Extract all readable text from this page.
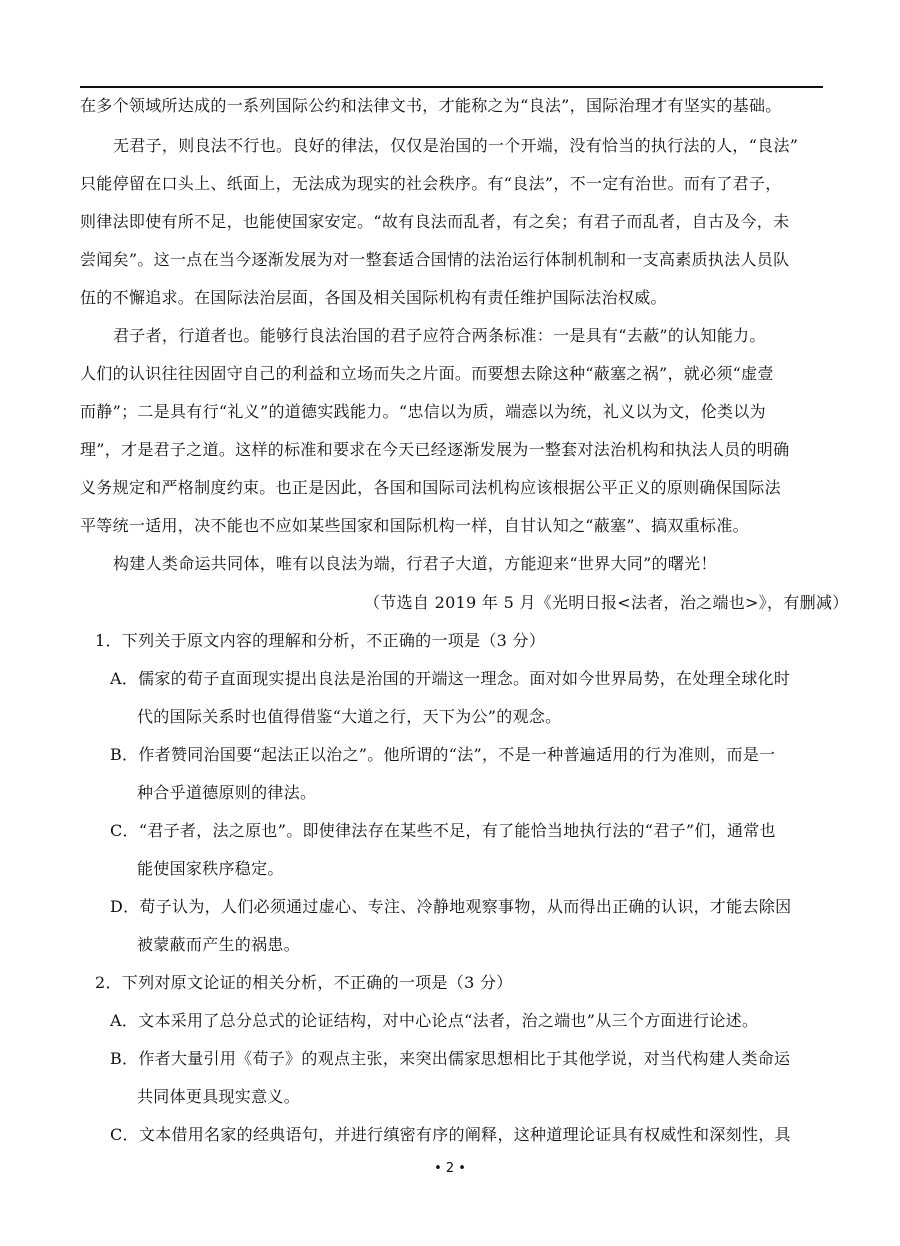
在多个领域所达成的一系列国际公约和法律文书，才能称之为“良法”，国际治理才有坚实的基础。
无君子，则良法不行也。良好的律法，仅仅是治国的一个开端，没有恰当的执行法的人，“良法”
只能停留在口头上、纸面上，无法成为现实的社会秩序。有“良法”，不一定有治世。而有了君子，
则律法即使有所不足，也能使国家安定。“故有良法而乱者，有之矣；有君子而乱者，自古及今，未
尝闻矣”。这一点在当今逐渐发展为对一整套适合国情的法治运行体制机制和一支高素质执法人员队
伍的不懈追求。在国际法治层面，各国及相关国际机构有责任维护国际法治权威。
君子者，行道者也。能够行良法治国的君子应符合两条标准：一是具有“去蔽”的认知能力。
人们的认识往往因固守自己的利益和立场而失之片面。而要想去除这种“蔽塞之祸”，就必须“虚壹
而静”；二是具有行“礼义”的道德实践能力。“忠信以为质，端悫以为统，礼义以为文，伦类以为
理”，才是君子之道。这样的标准和要求在今天已经逐渐发展为一整套对法治机构和执法人员的明确
义务规定和严格制度约束。也正是因此，各国和国际司法机构应该根据公平正义的原则确保国际法
平等统一适用，决不能也不应如某些国家和国际机构一样，自甘认知之“蔽塞”、搞双重标准。
构建人类命运共同体，唯有以良法为端，行君子大道，方能迎来“世界大同”的曙光！
（节选自 2019 年 5 月《光明日报<法者，治之端也>》，有删减）
1．下列关于原文内容的理解和分析，不正确的一项是（3 分）
A．儒家的荀子直面现实提出良法是治国的开端这一理念。面对如今世界局势，在处理全球化时
代的国际关系时也值得借鉴“大道之行，天下为公”的观念。
B．作者赞同治国要“起法正以治之”。他所谓的“法”，不是一种普遍适用的行为准则，而是一
种合乎道德原则的律法。
C．“君子者，法之原也”。即使律法存在某些不足，有了能恰当地执行法的“君子”们，通常也
能使国家秩序稳定。
D．荀子认为，人们必须通过虚心、专注、冷静地观察事物，从而得出正确的认识，才能去除因
被蒙蔽而产生的祸患。
2．下列对原文论证的相关分析，不正确的一项是（3 分）
A．文本采用了总分总式的论证结构，对中心论点“法者，治之端也”从三个方面进行论述。
B．作者大量引用《荀子》的观点主张，来突出儒家思想相比于其他学说，对当代构建人类命运
共同体更具现实意义。
C．文本借用名家的经典语句，并进行缜密有序的阐释，这种道理论证具有权威性和深刻性，具
• 2 •
